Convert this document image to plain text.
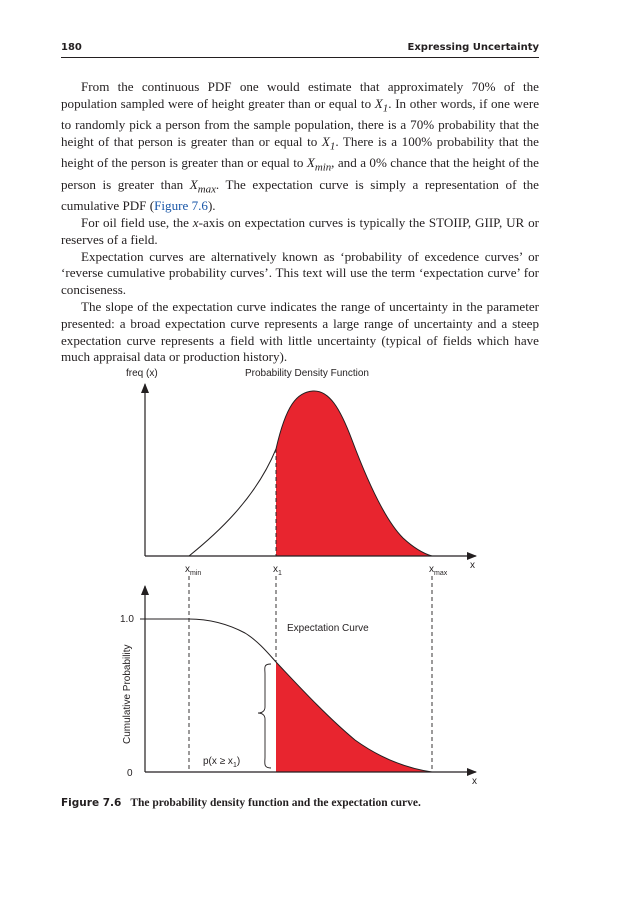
180	Expressing Uncertainty

From the continuous PDF one would estimate that approximately 70% of the population sampled were of height greater than or equal to $X_1$. In other words, if one were to randomly pick a person from the sample population, there is a 70% probability that the height of that person is greater than or equal to $X_1$. There is a 100% probability that the height of the person is greater than or equal to $X_{min}$, and a 0% chance that the height of the person is greater than $X_{max}$. The expectation curve is simply a representation of the cumulative PDF (Figure 7.6).

For oil field use, the x-axis on expectation curves is typically the STOIIP, GIIP, UR or reserves of a field.

Expectation curves are alternatively known as ‘probability of excedence curves’ or ‘reverse cumulative probability curves’. This text will use the term ‘expectation curve’ for conciseness.

The slope of the expectation curve indicates the range of uncertainty in the parameter presented: a broad expectation curve represents a large range of uncertainty and a steep expectation curve represents a field with little uncertainty (typical of fields which have much appraisal data or production history).

freq (x)	Probability Density Function
x
$x_{min}$	$x_1$	$x_{max}$
1.0
0
Cumulative Probability
Expectation Curve
x
$p(x \ge x_1)$
Figure 7.6 The probability density function and the expectation curve.
